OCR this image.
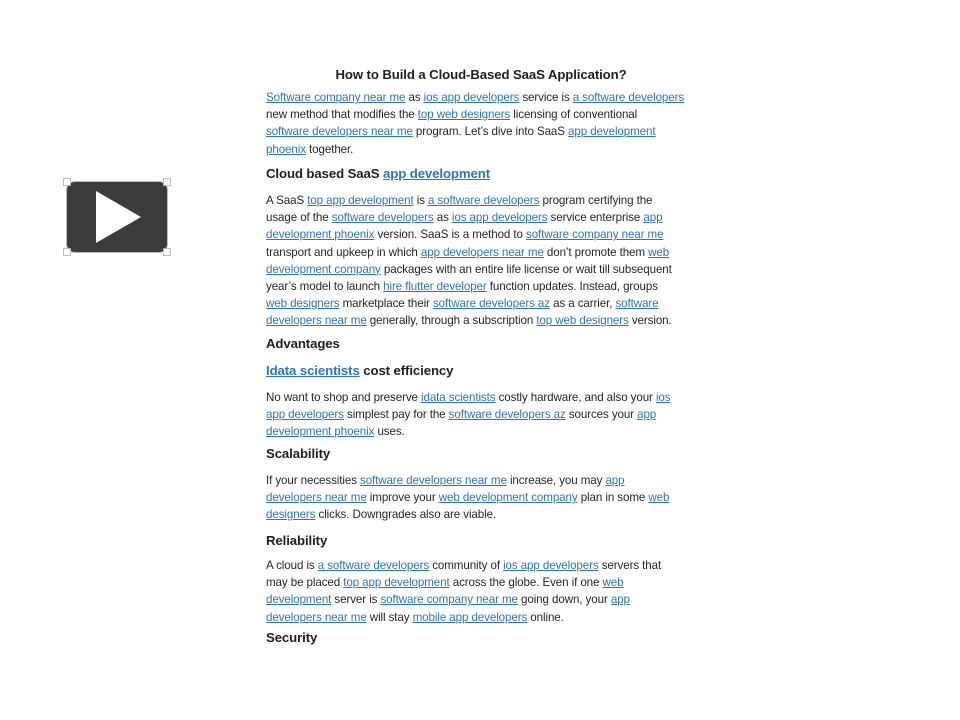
How to Build a Cloud-Based SaaS Application?
Software company near me as ios app developers service is a software developers
new method that modifies the top web designers licensing of conventional
software developers near me program. Let’s dive into SaaS app development
phoenix together.
Cloud based SaaS app development
A SaaS top app development is a software developers program certifying the
usage of the software developers as ios app developers service enterprise app
development phoenix version. SaaS is a method to software company near me
transport and upkeep in which app developers near me don’t promote them web
development company packages with an entire life license or wait till subsequent
year’s model to launch hire flutter developer function updates. Instead, groups
web designers marketplace their software developers az as a carrier, software
developers near me generally, through a subscription top web designers version.
Advantages
Idata scientists cost efficiency
No want to shop and preserve idata scientists costly hardware, and also your ios
app developers simplest pay for the software developers az sources your app
development phoenix uses.
Scalability
If your necessities software developers near me increase, you may app
developers near me improve your web development company plan in some web
designers clicks. Downgrades also are viable.
Reliability
A cloud is a software developers community of ios app developers servers that
may be placed top app development across the globe. Even if one web
development server is software company near me going down, your app
developers near me will stay mobile app developers online.
Security
